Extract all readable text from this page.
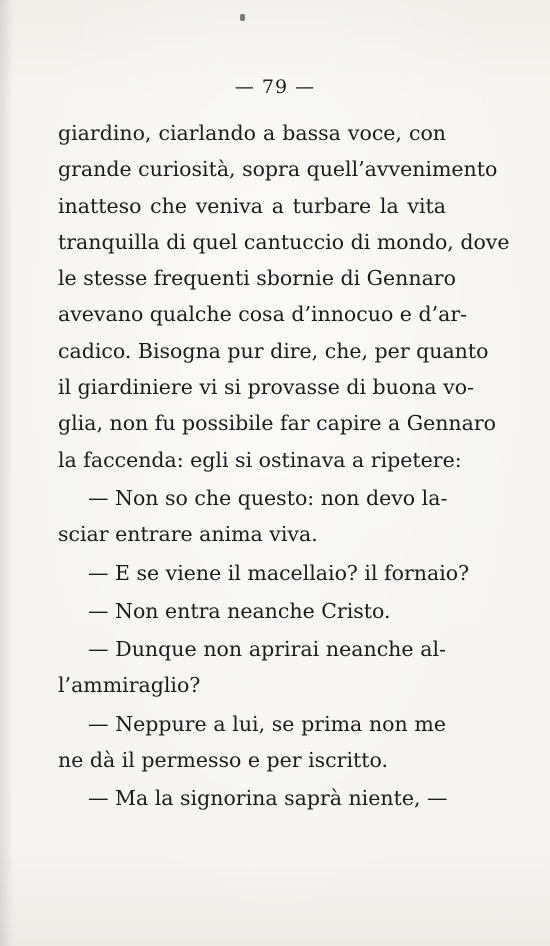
— 79 —
giardino, ciarlando a bassa voce, con
grande curiosità, sopra quell’avvenimento
inatteso che veniva a turbare la vita
tranquilla di quel cantuccio di mondo, dove
le stesse frequenti sbornie di Gennaro
avevano qualche cosa d’innocuo e d’ar-
cadico. Bisogna pur dire, che, per quanto
il giardiniere vi si provasse di buona vo-
glia, non fu possibile far capire a Gennaro
la faccenda: egli si ostinava a ripetere:
— Non so che questo: non devo la-
sciar entrare anima viva.
— E se viene il macellaio? il fornaio?
— Non entra neanche Cristo.
— Dunque non aprirai neanche al-
l’ammiraglio?
— Neppure a lui, se prima non me
ne dà il permesso e per iscritto.
— Ma la signorina saprà niente, —
